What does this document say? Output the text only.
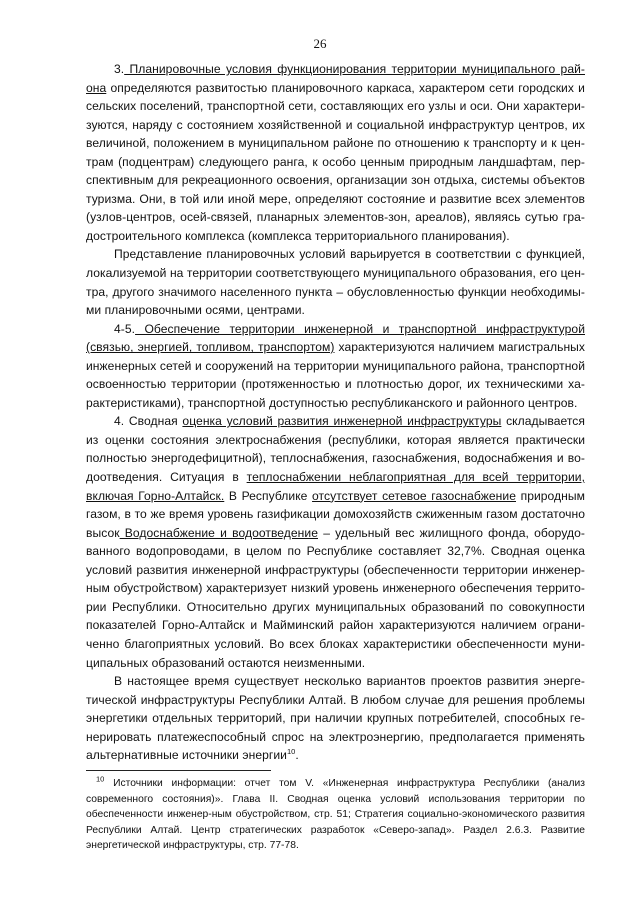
26

3. Планировочные условия функционирования территории муниципального рай-она определяются развитостью планировочного каркаса, характером сети городских и сельских поселений, транспортной сети, составляющих его узлы и оси. Они характери-зуются, наряду с состоянием хозяйственной и социальной инфраструктур центров, их величиной, положением в муниципальном районе по отношению к транспорту и к цен-трам (подцентрам) следующего ранга, к особо ценным природным ландшафтам, пер-спективным для рекреационного освоения, организации зон отдыха, системы объектов туризма. Они, в той или иной мере, определяют состояние и развитие всех элементов (узлов-центров, осей-связей, планарных элементов-зон, ареалов), являясь сутью гра-достроительного комплекса (комплекса территориального планирования).

Представление планировочных условий варьируется в соответствии с функцией, локализуемой на территории соответствующего муниципального образования, его цен-тра, другого значимого населенного пункта – обусловленностью функции необходимы-ми планировочными осями, центрами.

4-5. Обеспечение территории инженерной и транспортной инфраструктурой (связью, энергией, топливом, транспортом) характеризуются наличием магистральных инженерных сетей и сооружений на территории муниципального района, транспортной освоенностью территории (протяженностью и плотностью дорог, их техническими ха-рактеристиками), транспортной доступностью республиканского и районного центров.

4. Сводная оценка условий развития инженерной инфраструктуры складывается из оценки состояния электроснабжения (республики, которая является практически полностью энергодефицитной), теплоснабжения, газоснабжения, водоснабжения и во-доотведения. Ситуация в теплоснабжении неблагоприятная для всей территории, включая Горно-Алтайск. В Республике отсутствует сетевое газоснабжение природным газом, в то же время уровень газификации домохозяйств сжиженным газом достаточно высок Водоснабжение и водоотведение – удельный вес жилищного фонда, оборудо-ванного водопроводами, в целом по Республике составляет 32,7%. Сводная оценка условий развития инженерной инфраструктуры (обеспеченности территории инженер-ным обустройством) характеризует низкий уровень инженерного обеспечения террито-рии Республики. Относительно других муниципальных образований по совокупности показателей Горно-Алтайск и Майминский район характеризуются наличием ограни-ченно благоприятных условий. Во всех блоках характеристики обеспеченности муни-ципальных образований остаются неизменными.

В настоящее время существует несколько вариантов проектов развития энерге-тической инфраструктуры Республики Алтай. В любом случае для решения проблемы энергетики отдельных территорий, при наличии крупных потребителей, способных ге-нерировать платежеспособный спрос на электроэнергию, предполагается применять альтернативные источники энергии$^{10}$.

$^{10}$ Источники информации: отчет том V. «Инженерная инфраструктура Республики (анализ современного состояния)». Глава II. Сводная оценка условий использования территории по обеспеченности инженер-ным обустройством, стр. 51; Стратегия социально-экономического развития Республики Алтай. Центр стратегических разработок «Северо-запад». Раздел 2.6.3. Развитие энергетической инфраструктуры, стр. 77-78.
